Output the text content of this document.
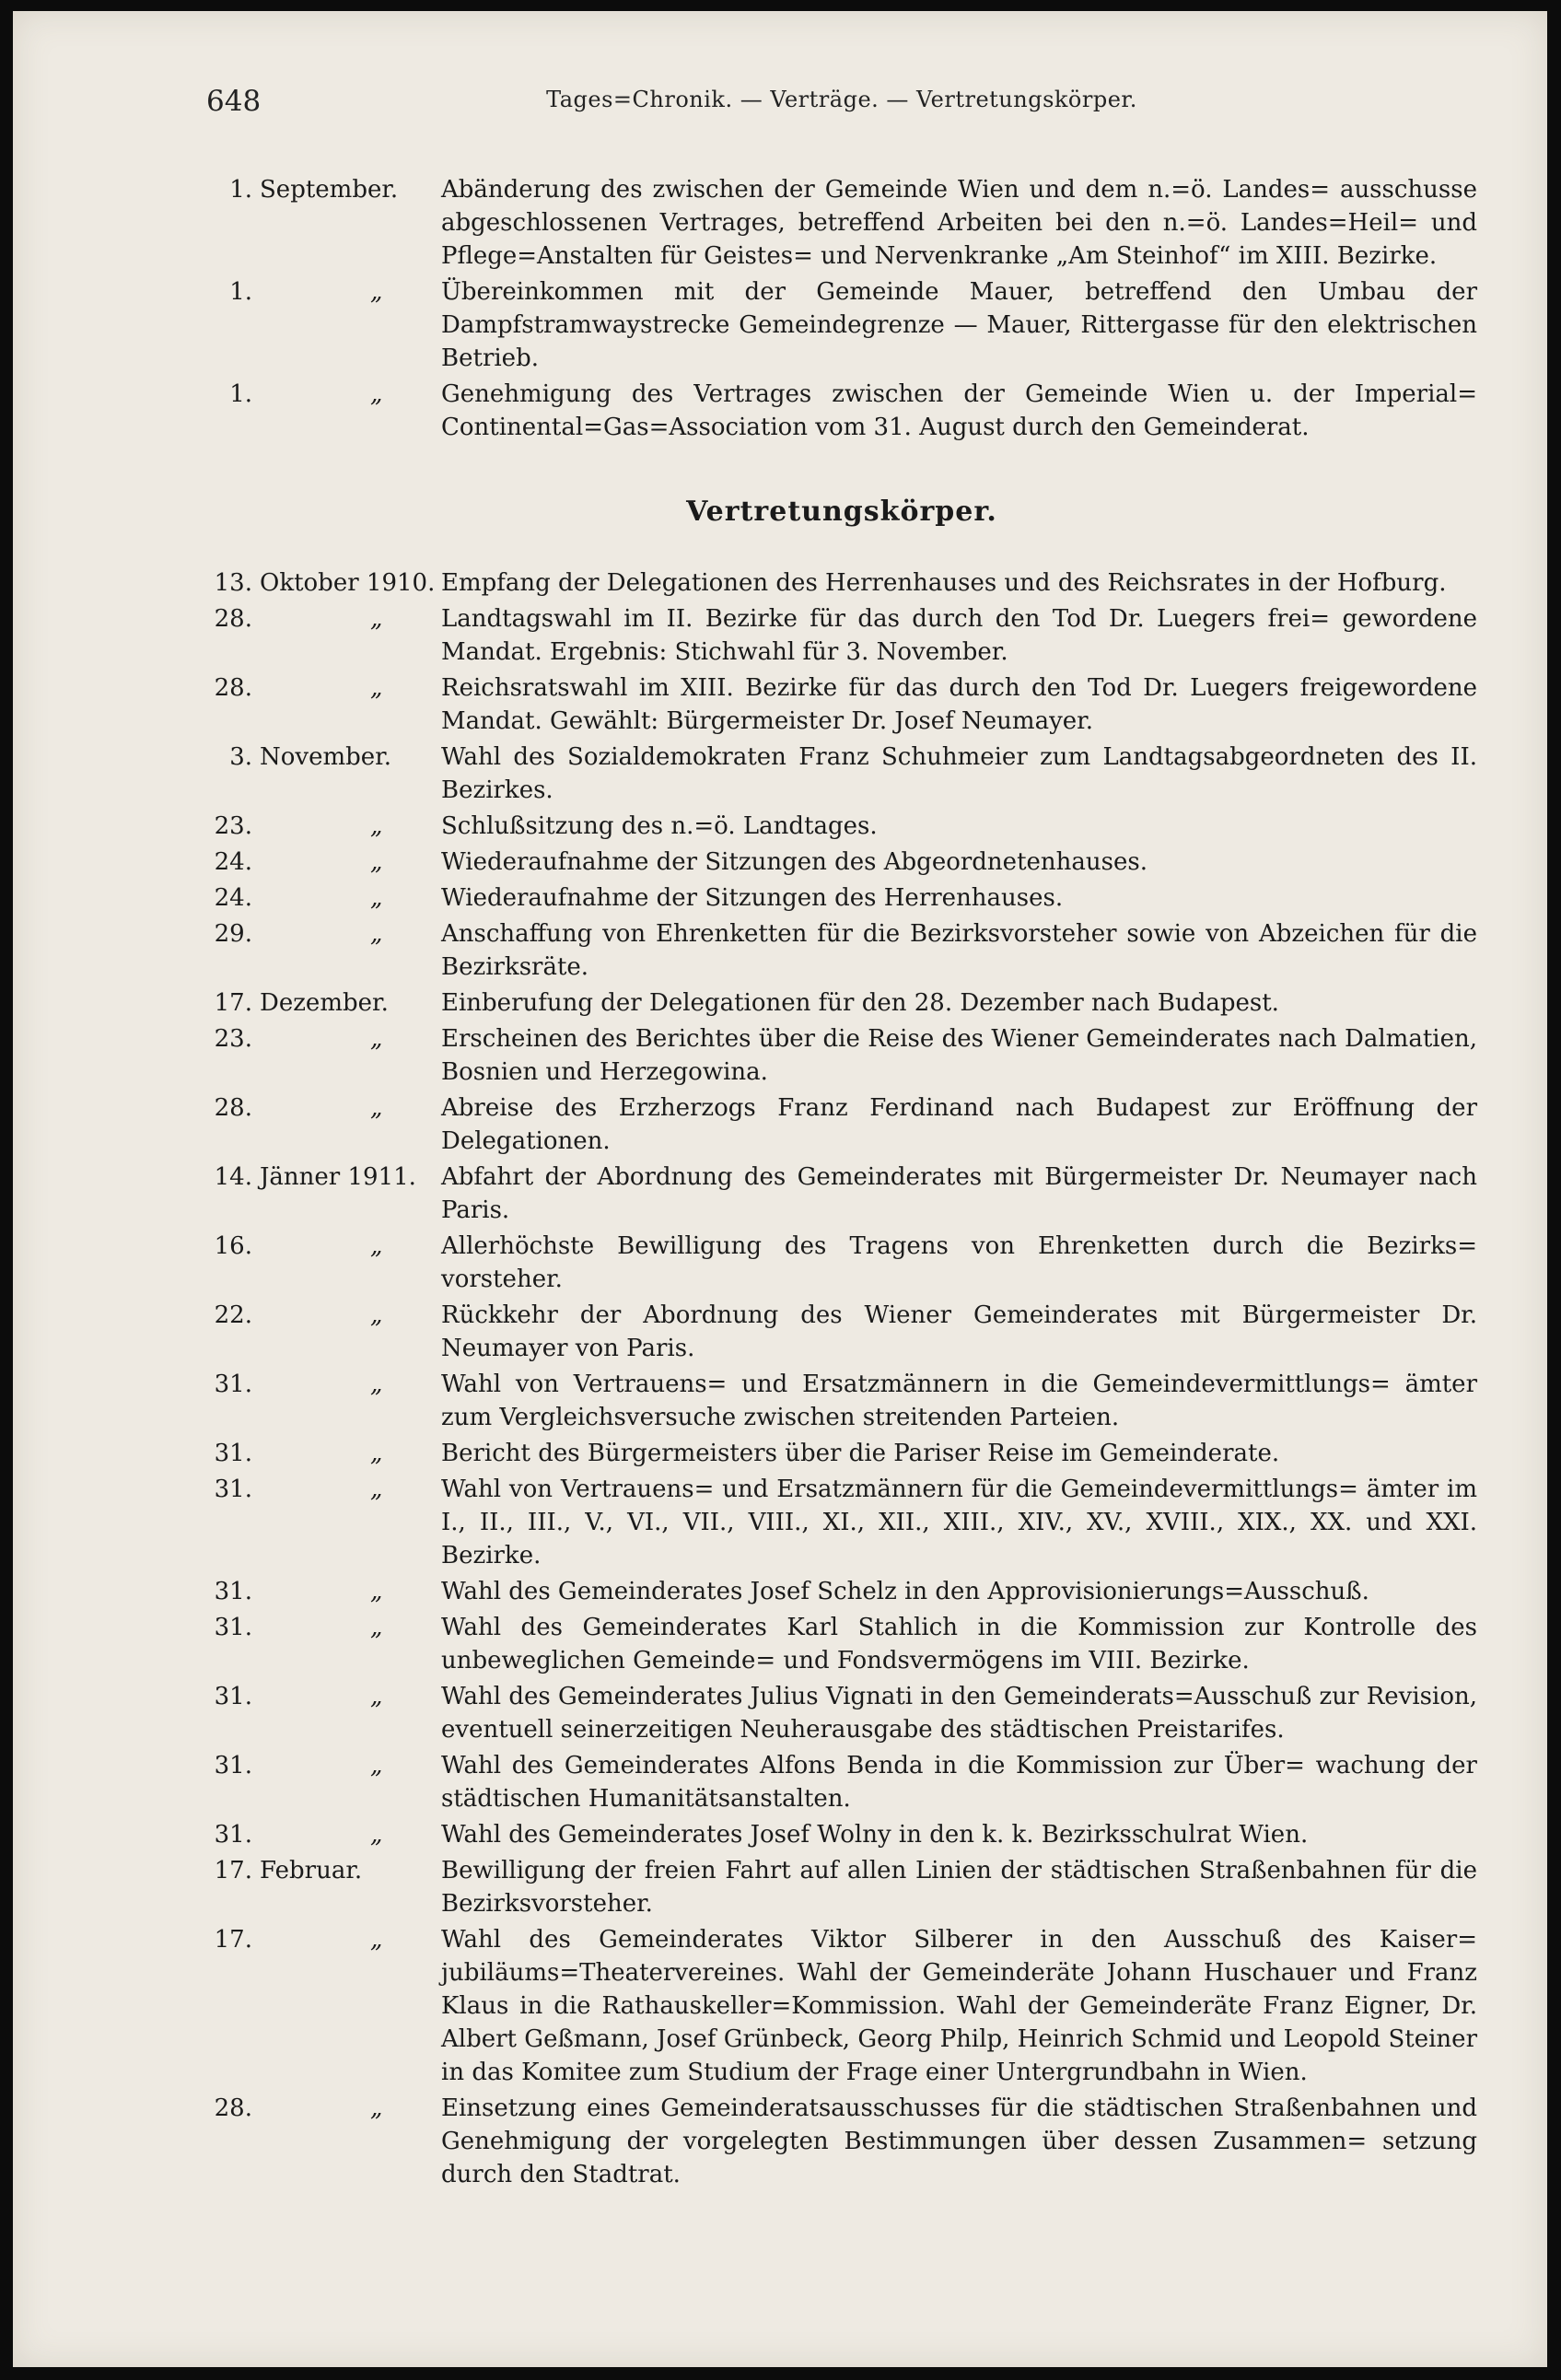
648	Tages=Chronik. — Verträge. — Vertretungskörper.
1. September.	Abänderung des zwischen der Gemeinde Wien und dem n.=ö. Landes= ausschusse abgeschlossenen Vertrages, betreffend Arbeiten bei den n.=ö. Landes=Heil= und Pflege=Anstalten für Geistes= und Nervenkranke „Am Steinhof“ im XIII. Bezirke.
1.	„	Übereinkommen mit der Gemeinde Mauer, betreffend den Umbau der Dampfstramwaystrecke Gemeindegrenze — Mauer, Rittergasse für den elektrischen Betrieb.
1.	„	Genehmigung des Vertrages zwischen der Gemeinde Wien u. der Imperial= Continental=Gas=Association vom 31. August durch den Gemeinderat.
Vertretungskörper.
13. Oktober 1910. Empfang der Delegationen des Herrenhauses und des Reichsrates in der Hofburg.
28.	„	Landtagswahl im II. Bezirke für das durch den Tod Dr. Luegers frei= gewordene Mandat. Ergebnis: Stichwahl für 3. November.
28.	„	Reichsratswahl im XIII. Bezirke für das durch den Tod Dr. Luegers freigewordene Mandat. Gewählt: Bürgermeister Dr. Josef Neumayer.
3. November.	Wahl des Sozialdemokraten Franz Schuhmeier zum Landtagsabgeordneten des II. Bezirkes.
23.	„	Schlußsitzung des n.=ö. Landtages.
24.	„	Wiederaufnahme der Sitzungen des Abgeordnetenhauses.
24.	„	Wiederaufnahme der Sitzungen des Herrenhauses.
29.	„	Anschaffung von Ehrenketten für die Bezirksvorsteher sowie von Abzeichen für die Bezirksräte.
17. Dezember.	Einberufung der Delegationen für den 28. Dezember nach Budapest.
23.	„	Erscheinen des Berichtes über die Reise des Wiener Gemeinderates nach Dalmatien, Bosnien und Herzegowina.
28.	„	Abreise des Erzherzogs Franz Ferdinand nach Budapest zur Eröffnung der Delegationen.
14. Jänner 1911.	Abfahrt der Abordnung des Gemeinderates mit Bürgermeister Dr. Neumayer nach Paris.
16.	„	Allerhöchste Bewilligung des Tragens von Ehrenketten durch die Bezirks= vorsteher.
22.	„	Rückkehr der Abordnung des Wiener Gemeinderates mit Bürgermeister Dr. Neumayer von Paris.
31.	„	Wahl von Vertrauens= und Ersatzmännern in die Gemeindevermittlungs= ämter zum Vergleichsversuche zwischen streitenden Parteien.
31.	„	Bericht des Bürgermeisters über die Pariser Reise im Gemeinderate.
31.	„	Wahl von Vertrauens= und Ersatzmännern für die Gemeindevermittlungs= ämter im I., II., III., V., VI., VII., VIII., XI., XII., XIII., XIV., XV., XVIII., XIX., XX. und XXI. Bezirke.
31.	„	Wahl des Gemeinderates Josef Schelz in den Approvisionierungs=Ausschuß.
31.	„	Wahl des Gemeinderates Karl Stahlich in die Kommission zur Kontrolle des unbeweglichen Gemeinde= und Fondsvermögens im VIII. Bezirke.
31.	„	Wahl des Gemeinderates Julius Vignati in den Gemeinderats=Ausschuß zur Revision, eventuell seinerzeitigen Neuherausgabe des städtischen Preistarifes.
31.	„	Wahl des Gemeinderates Alfons Benda in die Kommission zur Über= wachung der städtischen Humanitätsanstalten.
31.	„	Wahl des Gemeinderates Josef Wolny in den k. k. Bezirksschulrat Wien.
17. Februar.	Bewilligung der freien Fahrt auf allen Linien der städtischen Straßenbahnen für die Bezirksvorsteher.
17.	„	Wahl des Gemeinderates Viktor Silberer in den Ausschuß des Kaiser= jubiläums=Theatervereines. Wahl der Gemeinderäte Johann Huschauer und Franz Klaus in die Rathauskeller=Kommission. Wahl der Gemeinderäte Franz Eigner, Dr. Albert Geßmann, Josef Grünbeck, Georg Philp, Heinrich Schmid und Leopold Steiner in das Komitee zum Studium der Frage einer Untergrundbahn in Wien.
28.	„	Einsetzung eines Gemeinderatsausschusses für die städtischen Straßenbahnen und Genehmigung der vorgelegten Bestimmungen über dessen Zusammen= setzung durch den Stadtrat.
